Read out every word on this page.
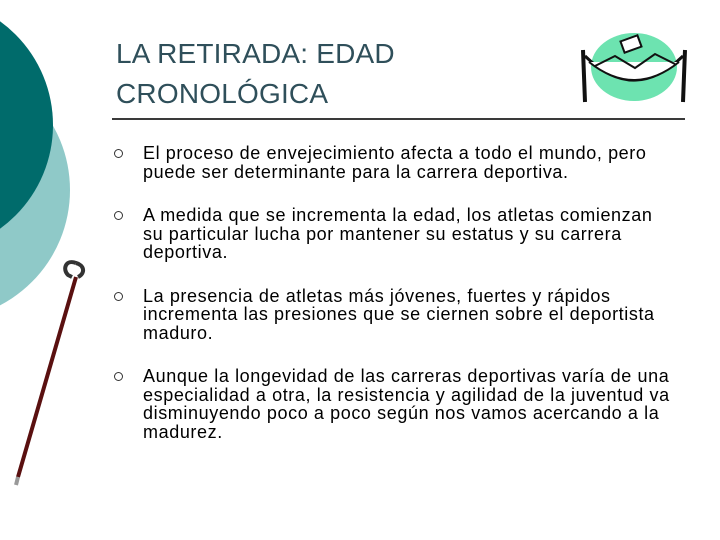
LA RETIRADA: EDAD CRONOLÓGICA
El proceso de envejecimiento afecta a todo el mundo, pero puede ser determinante para la carrera deportiva.
A medida que se incrementa la edad, los atletas comienzan su particular lucha por mantener su estatus y su carrera deportiva.
La presencia de atletas más jóvenes, fuertes y rápidos incrementa las presiones que se ciernen sobre el deportista maduro.
Aunque la longevidad de las carreras deportivas varía de una especialidad a otra, la resistencia y agilidad de la juventud va disminuyendo poco a poco según nos vamos acercando a la madurez.
